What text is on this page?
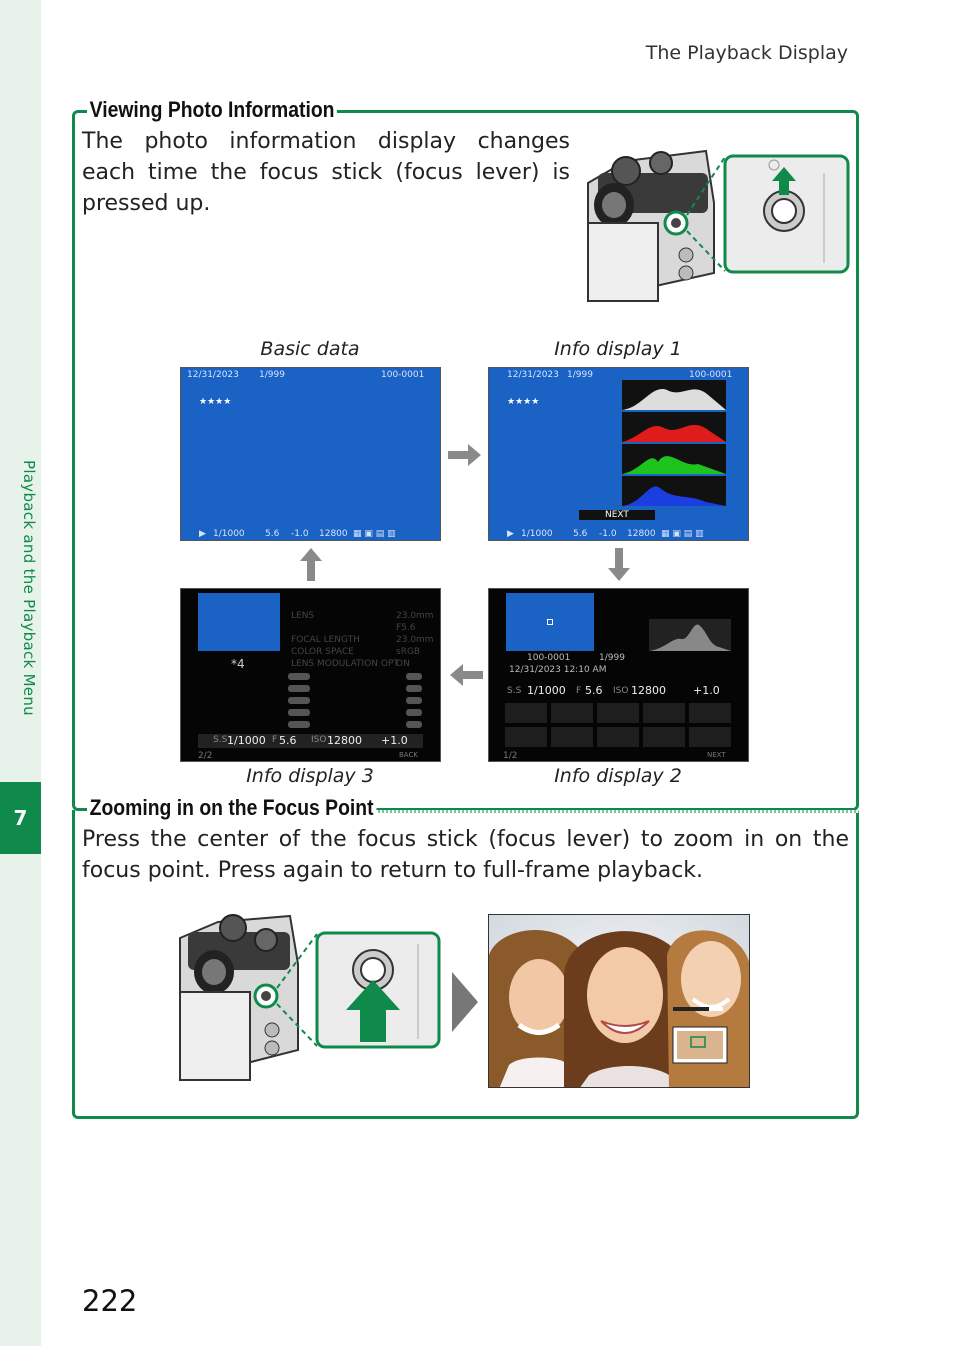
Playback and the Playback Menu
7
The Playback Display
Viewing Photo Information
The photo information display changes each time the focus stick (focus lever) is pressed up.
Basic data	Info display 1
Info display 3	Info display 2
12/31/2023 1/999	100-0001
★★★★
▶ 1/1000 5.6 -1.0 12800 ▦ ▣ ▤ ▥
12/31/2023 1/999	100-0001
★★★★
NEXT
▶ 1/1000 5.6 -1.0 12800 ▦ ▣ ▤ ▥
*4
LENS	23.0mm
F5.6
FOCAL LENGTH	23.0mm
COLOR SPACE	sRGB
LENS MODULATION OPT
ON
S.S 1/1000 F 5.6 ISO 12800 +1.0
2/2	BACK
100-0001	1/999
12/31/2023 12:10 AM
S.S 1/1000 F 5.6 ISO 12800 +1.0
1/2	NEXT
Zooming in on the Focus Point
Press the center of the focus stick (focus lever) to zoom in on the focus point. Press again to return to full-frame playback.
222
